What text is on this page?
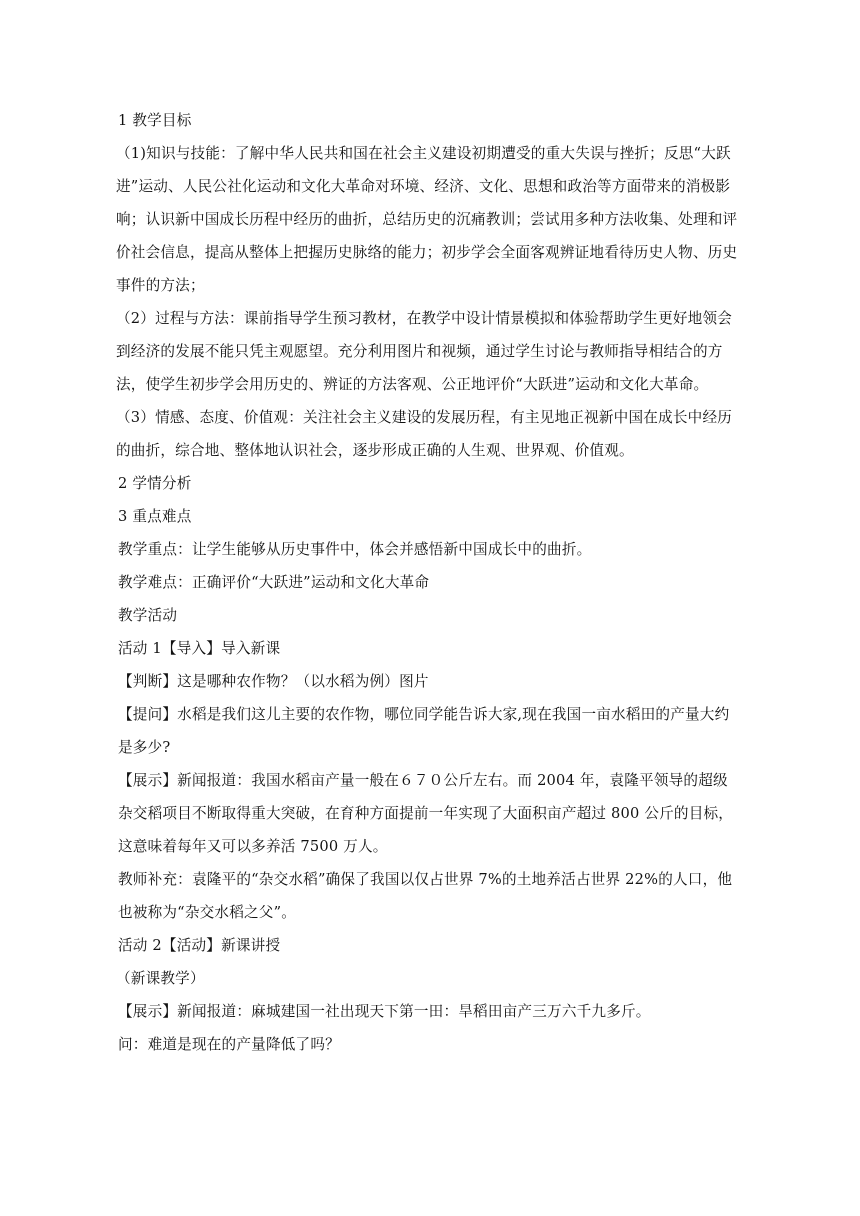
1 教学目标

（1)知识与技能：了解中华人民共和国在社会主义建设初期遭受的重大失误与挫折；反思“大跃进”运动、人民公社化运动和文化大革命对环境、经济、文化、思想和政治等方面带来的消极影响；认识新中国成长历程中经历的曲折，总结历史的沉痛教训；尝试用多种方法收集、处理和评价社会信息，提高从整体上把握历史脉络的能力；初步学会全面客观辨证地看待历史人物、历史事件的方法；

（2）过程与方法：课前指导学生预习教材，在教学中设计情景模拟和体验帮助学生更好地领会到经济的发展不能只凭主观愿望。充分利用图片和视频，通过学生讨论与教师指导相结合的方法，使学生初步学会用历史的、辨证的方法客观、公正地评价“大跃进”运动和文化大革命。

（3）情感、态度、价值观：关注社会主义建设的发展历程，有主见地正视新中国在成长中经历的曲折，综合地、整体地认识社会，逐步形成正确的人生观、世界观、价值观。

2 学情分析

3 重点难点

教学重点：让学生能够从历史事件中，体会并感悟新中国成长中的曲折。

教学难点：正确评价“大跃进”运动和文化大革命

教学活动

活动 1【导入】导入新课

【判断】这是哪种农作物？（以水稻为例）图片

【提问】水稻是我们这儿主要的农作物，哪位同学能告诉大家,现在我国一亩水稻田的产量大约是多少?

【展示】新闻报道：我国水稻亩产量一般在６７０公斤左右。而 2004 年，袁隆平领导的超级杂交稻项目不断取得重大突破，在育种方面提前一年实现了大面积亩产超过 800 公斤的目标，这意味着每年又可以多养活 7500 万人。

教师补充：袁隆平的“杂交水稻”确保了我国以仅占世界 7%的土地养活占世界 22%的人口，他也被称为“杂交水稻之父”。

活动 2【活动】新课讲授

（新课教学）

【展示】新闻报道：麻城建国一社出现天下第一田：旱稻田亩产三万六千九多斤。

问：难道是现在的产量降低了吗？
